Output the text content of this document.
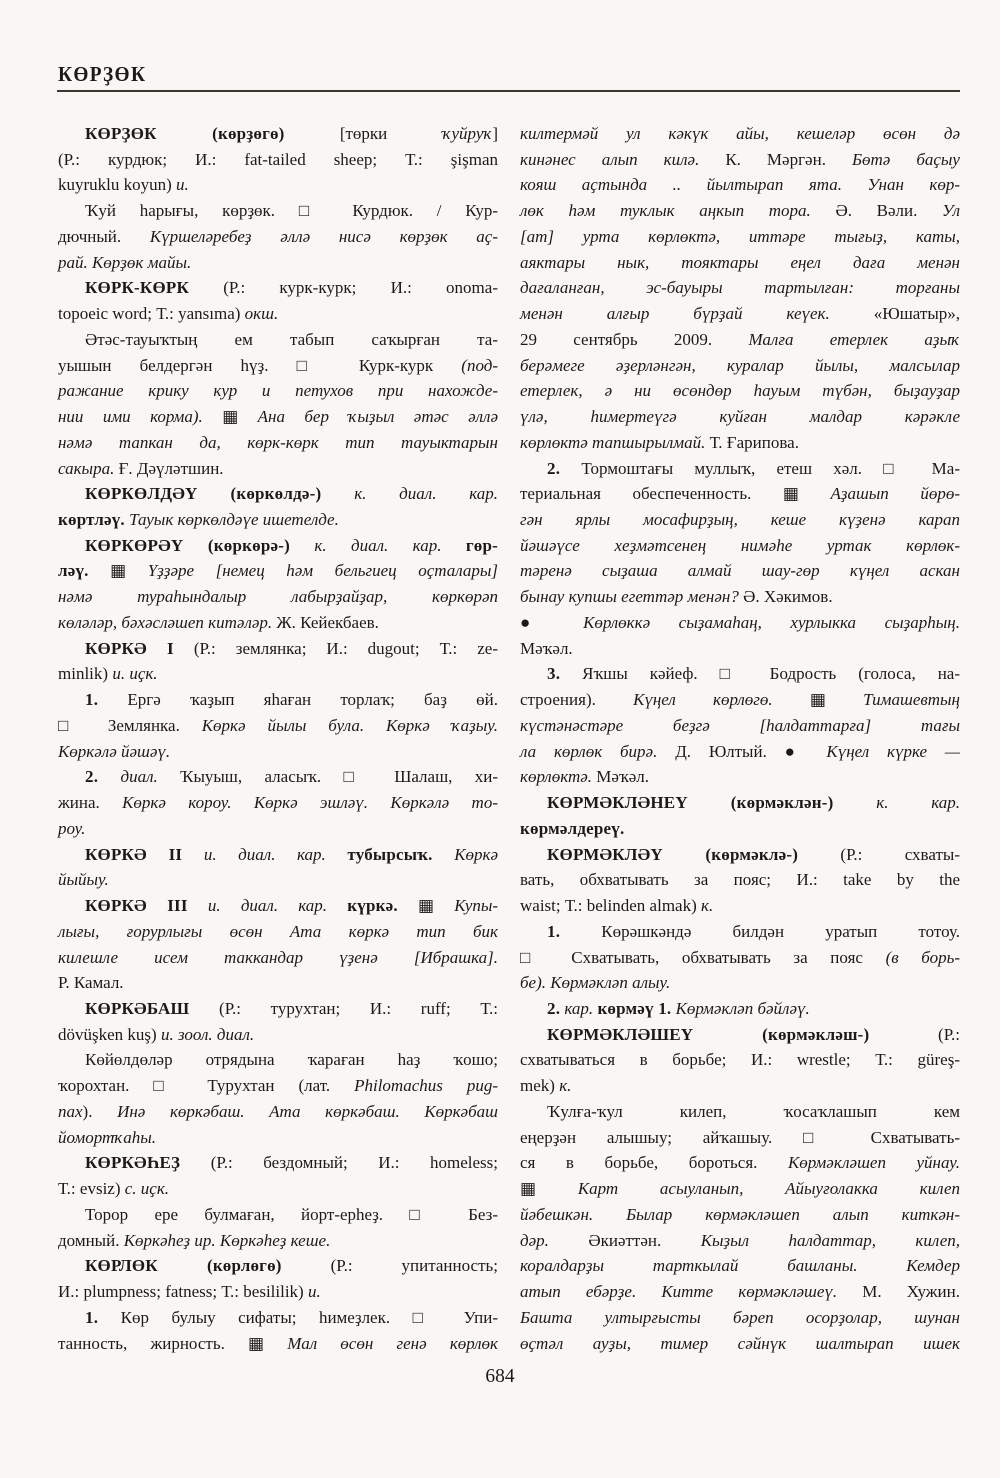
КӨРҘӨК
КӨРҘӨК (көрҙөгө) [төрки ҡуйруҡ]
(Р.: курдюк; И.: fat-tailed sheep; Т.: şişman
kuyruklu koyun) и.
Ҡуй һарығы, көрҙөк. □ Курдюк. / Кур-
дючный. Күршеләребеҙ әллә нисә көрҙөк аҫ-
рай. Көрҙөк майы.
КӨРК-КӨРК (Р.: курк-курк; И.: onoma-
topoeic word; Т.: yansıma) окш.
Әтәс-тауыҡтың ем табып саҡырған та-
уышын белдергән һүҙ. □ Курк-курк (под-
ражание крику кур и петухов при нахожде-
нии ими корма). ▦ Ана бер ҡыҙыл әтәс әллә
нәмә тапкан да, көрк-көрк тип тауыктарын
сакыра. Ғ. Дәүләтшин.
КӨРКӨЛДӘҮ (көркөлдә-) к. диал. кар.
көртләү. Тауык көркөлдәүе ишетелде.
КӨРКӨРӘҮ (көркөрә-) к. диал. кар. гөр-
ләү. ▦ Үҙҙәре [немец һәм бельгиец оҫталары]
нәмә тураһындалыр лабырҙайҙар, көркөрәп
көләләр, бәхәсләшеп китәләр. Ж. Кейекбаев.
КӨРКӘ I (Р.: землянка; И.: dugout; Т.: ze-
minlik) и. иҫк.
1. Ергә ҡаҙып яһаған торлаҡ; баҙ өй.
□ Землянка. Көркә йылы була. Көркә ҡаҙыу.
Көркәлә йәшәү.
2. диал. Ҡыуыш, аласыҡ. □ Шалаш, хи-
жина. Көркә короу. Көркә эшләү. Көркәлә то-
роу.
КӨРКӘ II и. диал. кар. тубырсыҡ. Көркә
йыйыу.
КӨРКӘ III и. диал. кар. күркә. ▦ Купы-
лығы, ғорурлығы өсөн Ата көркә тип бик
килешле исем таккандар үҙенә [Ибрашка].
Р. Камал.
КӨРКӘБАШ (Р.: турухтан; И.: ruff; Т.:
dövüşken kuş) и. зоол. диал.
Көйөлдөләр отрядына ҡараған һаҙ ҡошо;
ҡорохтан. □ Турухтан (лат. Philomachus pug-
nax). Инә көркәбаш. Ата көркәбаш. Көркәбаш
йомортҡаһы.
КӨРКӘҺЕҘ (Р.: бездомный; И.: homeless;
Т.: evsiz) с. иҫк.
Торор ере булмаған, йорт-ерһеҙ. □ Без-
домный. Көркәһеҙ ир. Көркәһеҙ кеше.
КӨРЛӨК (көрлөгө) (Р.: упитанность;
И.: plumpness; fatness; Т.: besililik) и.
1. Көр булыу сифаты; һимеҙлек. □ Упи-
танность, жирность. ▦ Мал өсөн генә көрлөк
килтермәй ул кәкүк айы, кешеләр өсөн дә
кинәнес алып килә. К. Мәргән. Бөтә баҫыу
кояш аҫтында .. йылтырап ята. Унан көр-
лөк һәм туклык аңкып тора. Ә. Вәли. Ул
[ат] урта көрлөктә, иттәре тығыҙ, каты,
аяктары нык, тояктары еңел даға менән
дағаланған, эс-бауыры тартылған: торғаны
менән алғыр бүрҙай кеүек. «Юшатыр»,
29 сентябрь 2009. Малға етерлек аҙыҡ
берәмеге әҙерләнгән, куралар йылы, малсылар
етерлек, ә ни өсөндөр һауым түбән, быҙауҙар
үлә, һимертеүгә куйған малдар кәрәкле
көрлөктә тапшырылмай. Т. Ғарипова.
2. Тормоштағы муллыҡ, етеш хәл. □ Ма-
териальная обеспеченность. ▦ Аҙашып йөрө-
гән ярлы мосафирҙың, кеше күҙенә карап
йәшәүсе хеҙмәтсенең нимәһе уртак көрлөк-
тәренә сыҙаша алмай шау-гөр күңел аскан
бынау купшы егеттәр менән? Ә. Хәкимов.
● Көрлөккә сыҙамаһаң, хурлыкка сыҙарһың.
Мәҡәл.
3. Яҡшы кәйеф. □ Бодрость (голоса, на-
строения). Күңел көрлөгө. ▦ Тимашевтың
күстәнәстәре беҙгә [һалдаттарға] тағы
ла көрлөк бирә. Д. Юлтый. ● Күңел күрке —
көрлөктә. Мәҡәл.
КӨРМӘКЛӘНЕҮ (көрмәклән-)	к. кар.
көрмәлдереү.
КӨРМӘКЛӘҮ (көрмәклә-) (Р.: схваты-
вать, обхватывать за пояс; И.: take by the
waist; Т.: belinden almak) к.
1. Көрәшкәндә билдән уратып тотоу.
□ Схватывать, обхватывать за пояс (в борь-
бе). Көрмәкләп алыу.
2. кар. көрмәү 1. Көрмәкләп бәйләү.
КӨРМӘКЛӘШЕҮ (көрмәкләш-) (Р.:
схватываться в борьбе; И.: wrestle; Т.: güreş-
mek) к.
Ҡулға-ҡул килеп, ҡосаҡлашып кем
еңерҙән алышыу; айҡашыу. □ Схватывать-
ся в борьбе, бороться. Көрмәкләшеп уйнау.
▦ Карт асыуланып, Айыуғолакка килеп
йәбешкән. Былар көрмәкләшеп алып киткән-
дәр. Әкиәттән. Кыҙыл һалдаттар, килеп,
коралдарҙы тарткылай башланы. Кемдер
атып ебәрҙе. Китте көрмәкләшеү. М. Хужин.
Башта ултырғысты бәреп осорҙолар, шунан
өҫтәл ауҙы, тимер сәйнүк шалтырап ишек
684
